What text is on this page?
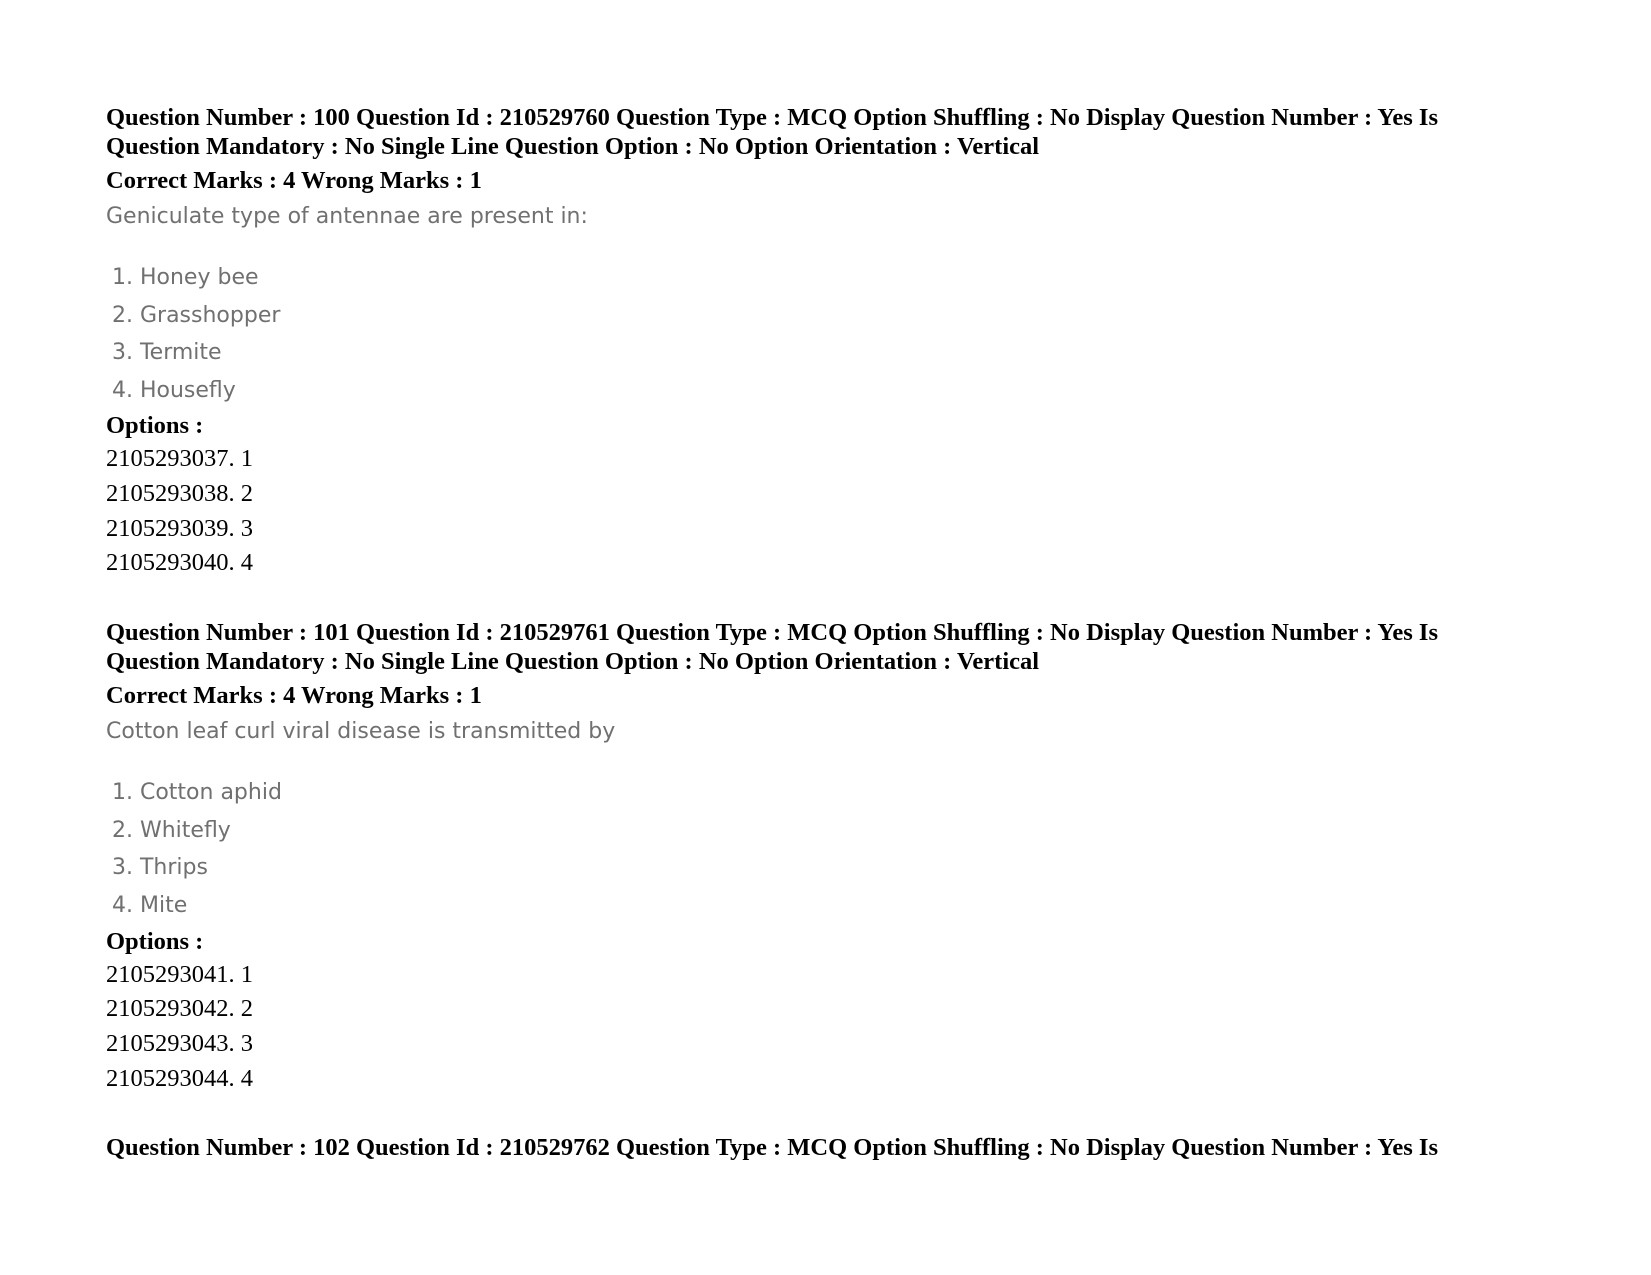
Question Number : 100 Question Id : 210529760 Question Type : MCQ Option Shuffling : No Display Question Number : Yes Is
Question Mandatory : No Single Line Question Option : No Option Orientation : Vertical

Correct Marks : 4 Wrong Marks : 1

Geniculate type of antennae are present in:

1. Honey bee
2. Grasshopper
3. Termite
4. Housefly

Options :

2105293037. 1

2105293038. 2

2105293039. 3

2105293040. 4

Question Number : 101 Question Id : 210529761 Question Type : MCQ Option Shuffling : No Display Question Number : Yes Is
Question Mandatory : No Single Line Question Option : No Option Orientation : Vertical

Correct Marks : 4 Wrong Marks : 1

Cotton leaf curl viral disease is transmitted by

1. Cotton aphid
2. Whitefly
3. Thrips
4. Mite

Options :

2105293041. 1

2105293042. 2

2105293043. 3

2105293044. 4

Question Number : 102 Question Id : 210529762 Question Type : MCQ Option Shuffling : No Display Question Number : Yes Is
